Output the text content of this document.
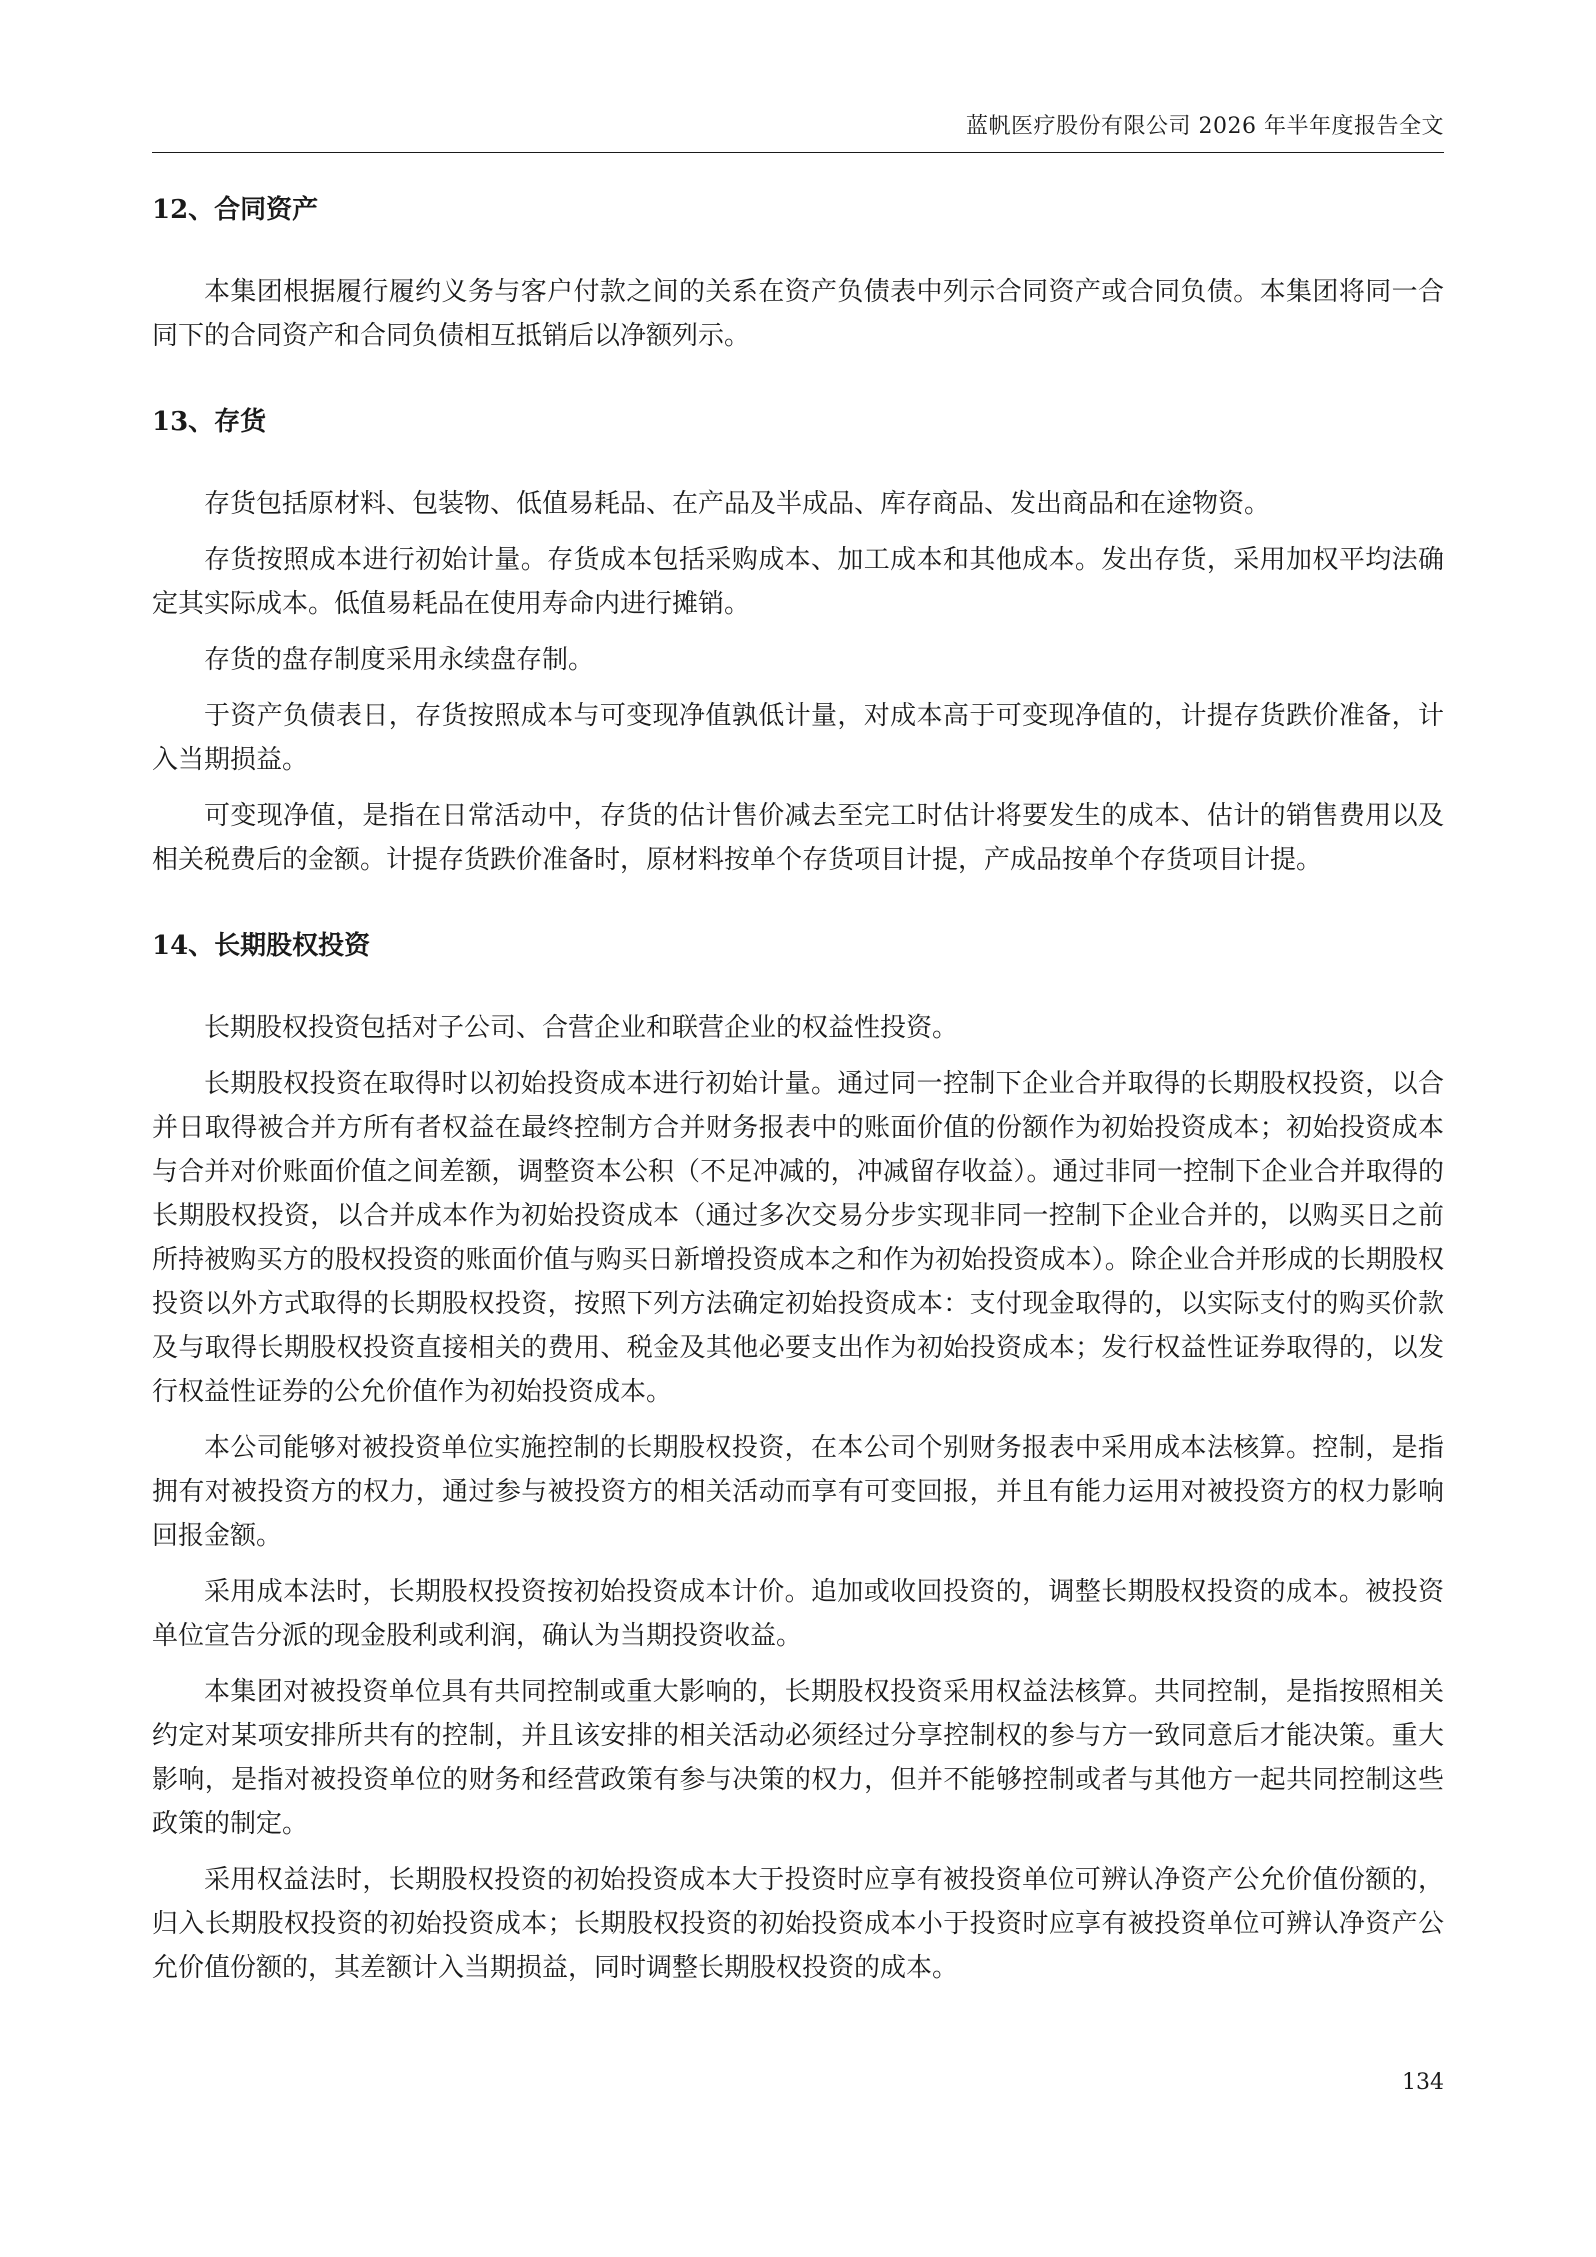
蓝帆医疗股份有限公司 2026 年半年度报告全文
12、合同资产

本集团根据履行履约义务与客户付款之间的关系在资产负债表中列示合同资产或合同负债。本集团将同一合同下的合同资产和合同负债相互抵销后以净额列示。

13、存货

存货包括原材料、包装物、低值易耗品、在产品及半成品、库存商品、发出商品和在途物资。

存货按照成本进行初始计量。存货成本包括采购成本、加工成本和其他成本。发出存货，采用加权平均法确定其实际成本。低值易耗品在使用寿命内进行摊销。

存货的盘存制度采用永续盘存制。

于资产负债表日，存货按照成本与可变现净值孰低计量，对成本高于可变现净值的，计提存货跌价准备，计入当期损益。

可变现净值，是指在日常活动中，存货的估计售价减去至完工时估计将要发生的成本、估计的销售费用以及相关税费后的金额。计提存货跌价准备时，原材料按单个存货项目计提，产成品按单个存货项目计提。

14、长期股权投资

长期股权投资包括对子公司、合营企业和联营企业的权益性投资。

长期股权投资在取得时以初始投资成本进行初始计量。通过同一控制下企业合并取得的长期股权投资，以合并日取得被合并方所有者权益在最终控制方合并财务报表中的账面价值的份额作为初始投资成本；初始投资成本与合并对价账面价值之间差额，调整资本公积（不足冲减的，冲减留存收益）。通过非同一控制下企业合并取得的长期股权投资，以合并成本作为初始投资成本（通过多次交易分步实现非同一控制下企业合并的，以购买日之前所持被购买方的股权投资的账面价值与购买日新增投资成本之和作为初始投资成本）。除企业合并形成的长期股权投资以外方式取得的长期股权投资，按照下列方法确定初始投资成本：支付现金取得的，以实际支付的购买价款及与取得长期股权投资直接相关的费用、税金及其他必要支出作为初始投资成本；发行权益性证券取得的，以发行权益性证券的公允价值作为初始投资成本。

本公司能够对被投资单位实施控制的长期股权投资，在本公司个别财务报表中采用成本法核算。控制，是指拥有对被投资方的权力，通过参与被投资方的相关活动而享有可变回报，并且有能力运用对被投资方的权力影响回报金额。

采用成本法时，长期股权投资按初始投资成本计价。追加或收回投资的，调整长期股权投资的成本。被投资单位宣告分派的现金股利或利润，确认为当期投资收益。

本集团对被投资单位具有共同控制或重大影响的，长期股权投资采用权益法核算。共同控制，是指按照相关约定对某项安排所共有的控制，并且该安排的相关活动必须经过分享控制权的参与方一致同意后才能决策。重大影响，是指对被投资单位的财务和经营政策有参与决策的权力，但并不能够控制或者与其他方一起共同控制这些政策的制定。

采用权益法时，长期股权投资的初始投资成本大于投资时应享有被投资单位可辨认净资产公允价值份额的，归入长期股权投资的初始投资成本；长期股权投资的初始投资成本小于投资时应享有被投资单位可辨认净资产公允价值份额的，其差额计入当期损益，同时调整长期股权投资的成本。

134
